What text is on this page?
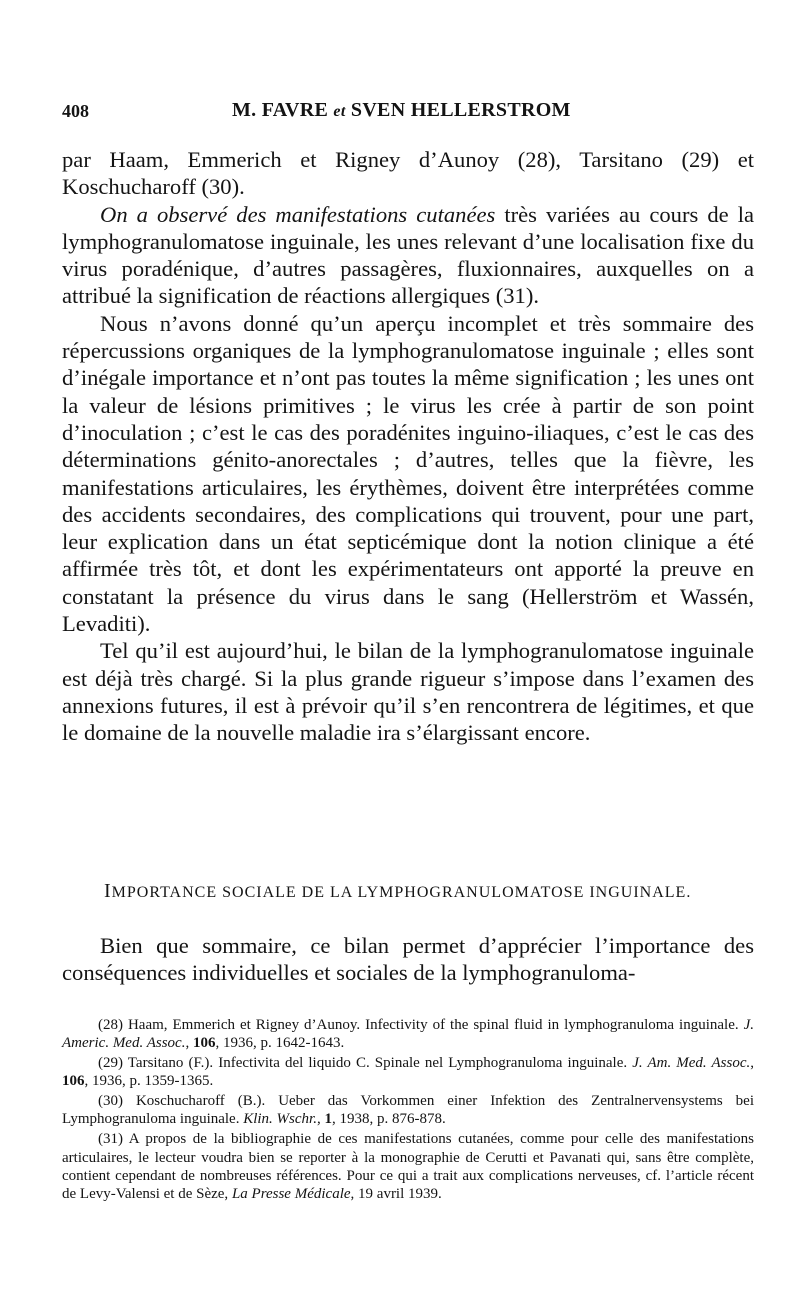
408	M. FAVRE et SVEN HELLERSTROM

par Haam, Emmerich et Rigney d’Aunoy (28), Tarsitano (29) et Koschucharoff (30).

On a observé des manifestations cutanées très variées au cours de la lymphogranulomatose inguinale, les unes relevant d’une localisation fixe du virus poradénique, d’autres passagères, fluxionnaires, auxquelles on a attribué la signification de réactions allergiques (31).

Nous n’avons donné qu’un aperçu incomplet et très sommaire des répercussions organiques de la lymphogranulomatose inguinale ; elles sont d’inégale importance et n’ont pas toutes la même signification ; les unes ont la valeur de lésions primitives ; le virus les crée à partir de son point d’inoculation ; c’est le cas des poradénites inguino-iliaques, c’est le cas des déterminations génito-anorectales ; d’autres, telles que la fièvre, les manifestations articulaires, les érythèmes, doivent être interprétées comme des accidents secondaires, des complications qui trouvent, pour une part, leur explication dans un état septicémique dont la notion clinique a été affirmée très tôt, et dont les expérimentateurs ont apporté la preuve en constatant la présence du virus dans le sang (Hellerström et Wassén, Levaditi).

Tel qu’il est aujourd’hui, le bilan de la lymphogranulomatose inguinale est déjà très chargé. Si la plus grande rigueur s’impose dans l’examen des annexions futures, il est à prévoir qu’il s’en rencontrera de légitimes, et que le domaine de la nouvelle maladie ira s’élargissant encore.

IMPORTANCE SOCIALE DE LA LYMPHOGRANULOMATOSE INGUINALE.

Bien que sommaire, ce bilan permet d’apprécier l’importance des conséquences individuelles et sociales de la lymphogranuloma-

(28) Haam, Emmerich et Rigney d’Aunoy. Infectivity of the spinal fluid in lymphogranuloma inguinale. J. Americ. Med. Assoc., 106, 1936, p. 1642-1643.

(29) Tarsitano (F.). Infectivita del liquido C. Spinale nel Lymphogranuloma inguinale. J. Am. Med. Assoc., 106, 1936, p. 1359-1365.

(30) Koschucharoff (B.). Ueber das Vorkommen einer Infektion des Zentralnervensystems bei Lymphogranuloma inguinale. Klin. Wschr., 1, 1938, p. 876-878.

(31) A propos de la bibliographie de ces manifestations cutanées, comme pour celle des manifestations articulaires, le lecteur voudra bien se reporter à la monographie de Cerutti et Pavanati qui, sans être complète, contient cependant de nombreuses références. Pour ce qui a trait aux complications nerveuses, cf. l’article récent de Levy-Valensi et de Sèze, La Presse Médicale, 19 avril 1939.
